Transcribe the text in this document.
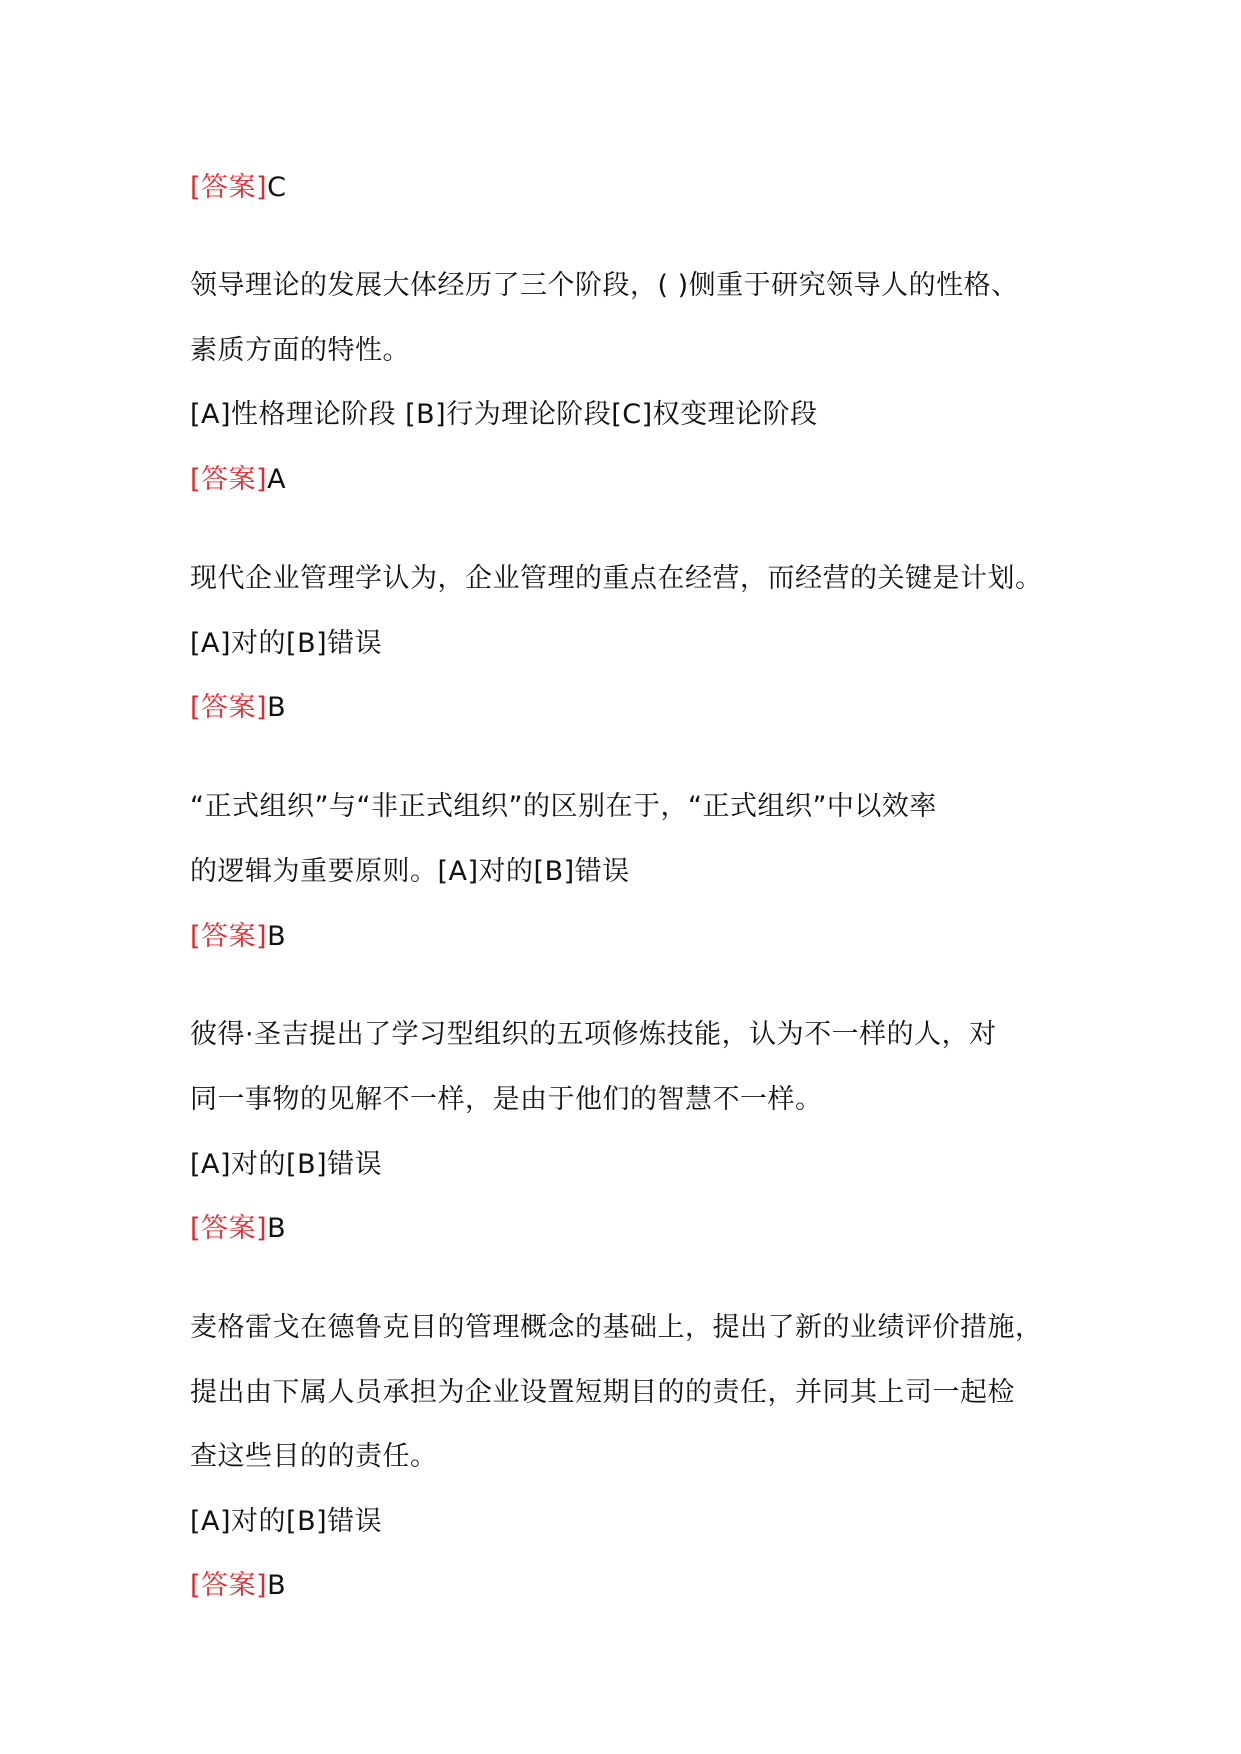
[答案]C
领导理论的发展大体经历了三个阶段，( )侧重于研究领导人的性格、
素质方面的特性。
[A]性格理论阶段 [B]行为理论阶段[C]权变理论阶段
[答案]A
现代企业管理学认为，企业管理的重点在经营，而经营的关键是计划。
[A]对的[B]错误
[答案]B
“正式组织”与“非正式组织”的区别在于，“正式组织”中以效率
的逻辑为重要原则。[A]对的[B]错误
[答案]B
彼得·圣吉提出了学习型组织的五项修炼技能，认为不一样的人，对
同一事物的见解不一样，是由于他们的智慧不一样。
[A]对的[B]错误
[答案]B
麦格雷戈在德鲁克目的管理概念的基础上，提出了新的业绩评价措施，
提出由下属人员承担为企业设置短期目的的责任，并同其上司一起检
查这些目的的责任。
[A]对的[B]错误
[答案]B
